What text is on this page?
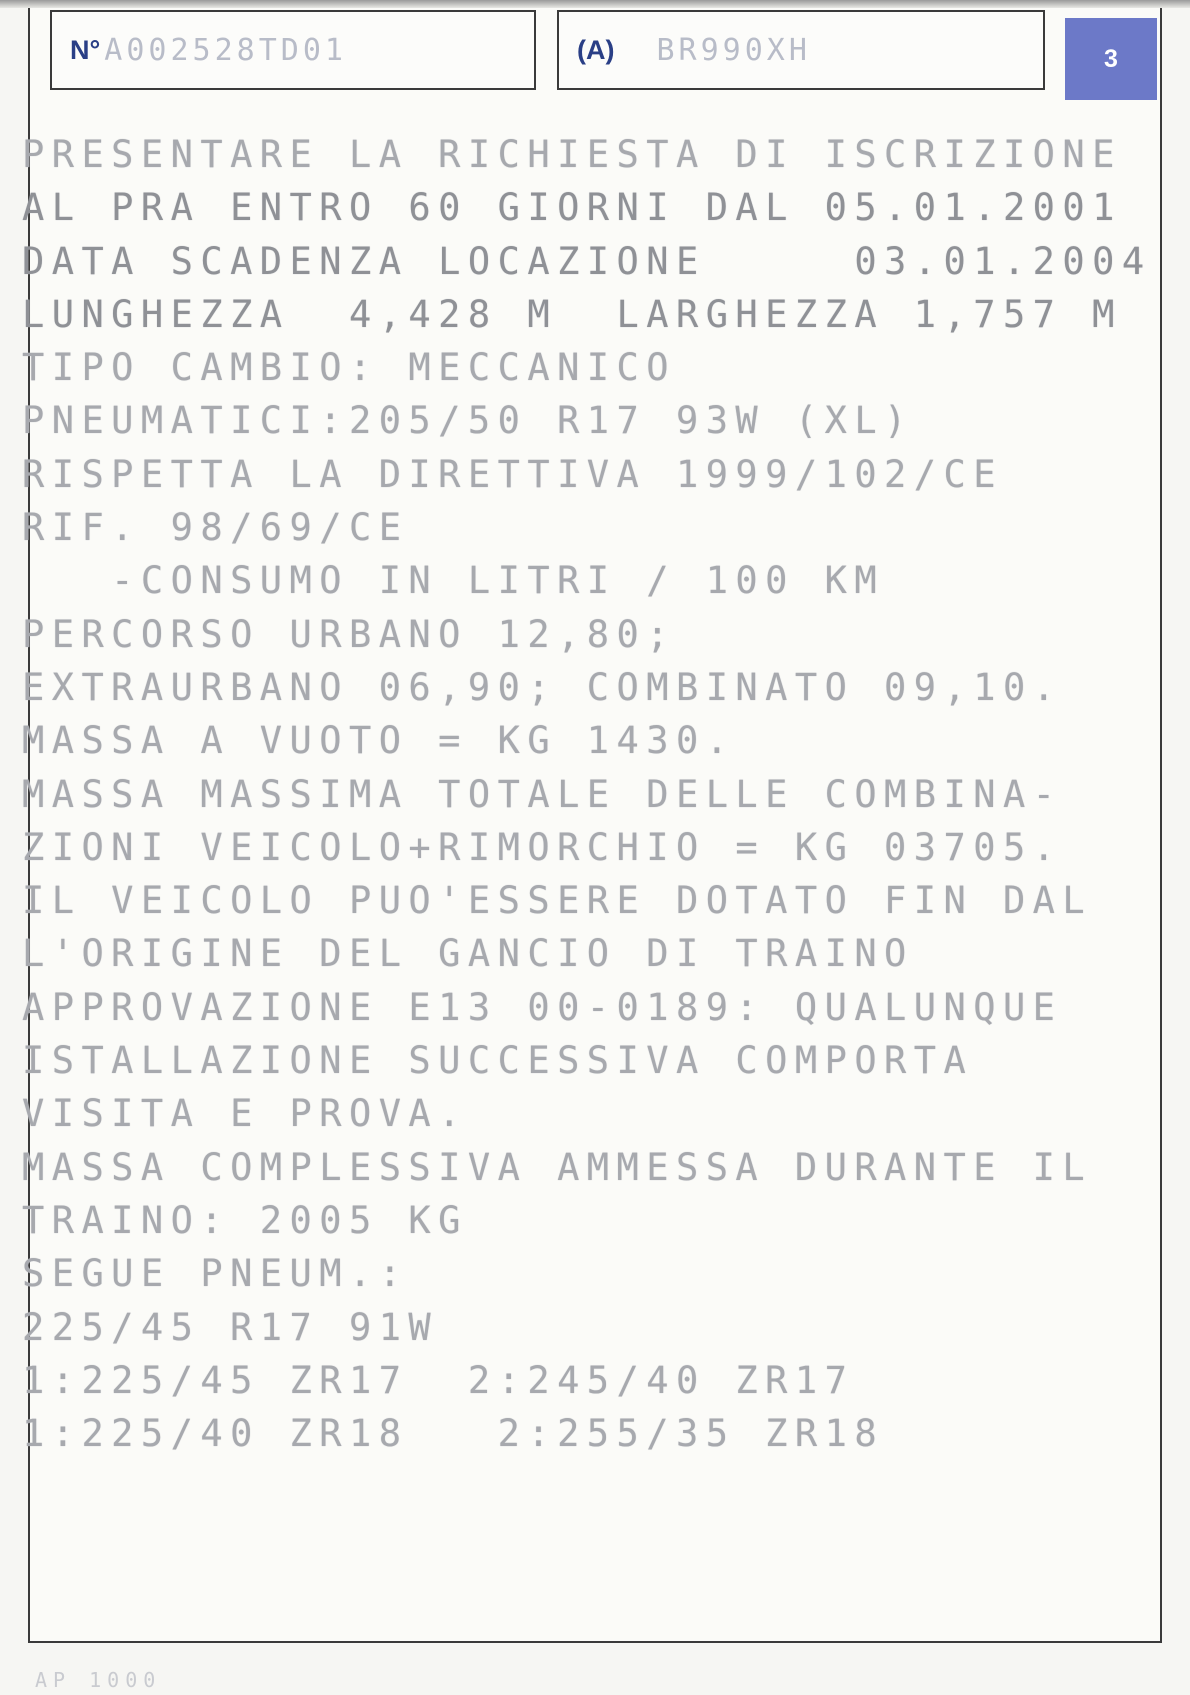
N° A002528TD01	(A) BR990XH	3
PRESENTARE LA RICHIESTA DI ISCRIZIONE
AL PRA ENTRO 60 GIORNI DAL 05.01.2001
DATA SCADENZA LOCAZIONE     03.01.2004
LUNGHEZZA  4,428 M  LARGHEZZA 1,757 M
TIPO CAMBIO: MECCANICO
PNEUMATICI:205/50 R17 93W (XL)
RISPETTA LA DIRETTIVA 1999/102/CE
RIF. 98/69/CE
-CONSUMO IN LITRI / 100 KM
PERCORSO URBANO 12,80;
EXTRAURBANO 06,90; COMBINATO 09,10.
MASSA A VUOTO = KG 1430.
MASSA MASSIMA TOTALE DELLE COMBINA-
ZIONI VEICOLO+RIMORCHIO = KG 03705.
IL VEICOLO PUO'ESSERE DOTATO FIN DAL
L'ORIGINE DEL GANCIO DI TRAINO
APPROVAZIONE E13 00-0189: QUALUNQUE
ISTALLAZIONE SUCCESSIVA COMPORTA
VISITA E PROVA.
MASSA COMPLESSIVA AMMESSA DURANTE IL
TRAINO: 2005 KG
SEGUE PNEUM.:
225/45 R17 91W
1:225/45 ZR17  2:245/40 ZR17
1:225/40 ZR18   2:255/35 ZR18
AP 1000
